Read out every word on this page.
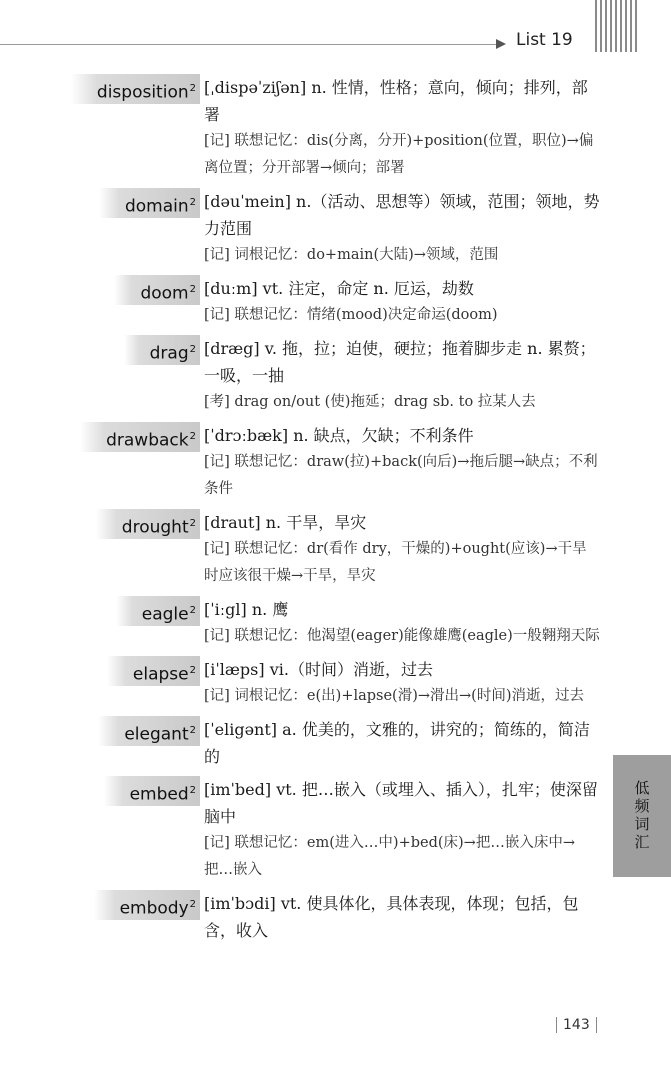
List 19
disposition$^2$ [ˌdispəˈziʃən] n. 性情，性格；意向，倾向；排列，部署
[记] 联想记忆：dis(分离，分开)+position(位置，职位)→偏离位置；分开部署→倾向；部署
domain$^2$ [dəuˈmein] n.（活动、思想等）领域，范围；领地，势力范围
[记] 词根记忆：do+main(大陆)→领域，范围
doom$^2$ [duːm] vt. 注定，命定 n. 厄运，劫数
[记] 联想记忆：情绪(mood)决定命运(doom)
drag$^2$ [dræg] v. 拖，拉；迫使，硬拉；拖着脚步走 n. 累赘；一吸，一抽
[考] drag on/out (使)拖延；drag sb. to 拉某人去
drawback$^2$ [ˈdrɔːbæk] n. 缺点，欠缺；不利条件
[记] 联想记忆：draw(拉)+back(向后)→拖后腿→缺点；不利条件
drought$^2$ [draut] n. 干旱，旱灾
[记] 联想记忆：dr(看作 dry，干燥的)+ought(应该)→干旱时应该很干燥→干旱，旱灾
eagle$^2$ [ˈiːgl] n. 鹰
[记] 联想记忆：他渴望(eager)能像雄鹰(eagle)一般翱翔天际
elapse$^2$ [iˈlæps] vi.（时间）消逝，过去
[记] 词根记忆：e(出)+lapse(滑)→滑出→(时间)消逝，过去
elegant$^2$ [ˈeligənt] a. 优美的，文雅的，讲究的；简练的，简洁的
embed$^2$ [imˈbed] vt. 把…嵌入（或埋入、插入），扎牢；使深留脑中
[记] 联想记忆：em(进入…中)+bed(床)→把…嵌入床中→把…嵌入
embody$^2$ [imˈbɔdi] vt. 使具体化，具体表现，体现；包括，包含，收入
低频词汇
143
